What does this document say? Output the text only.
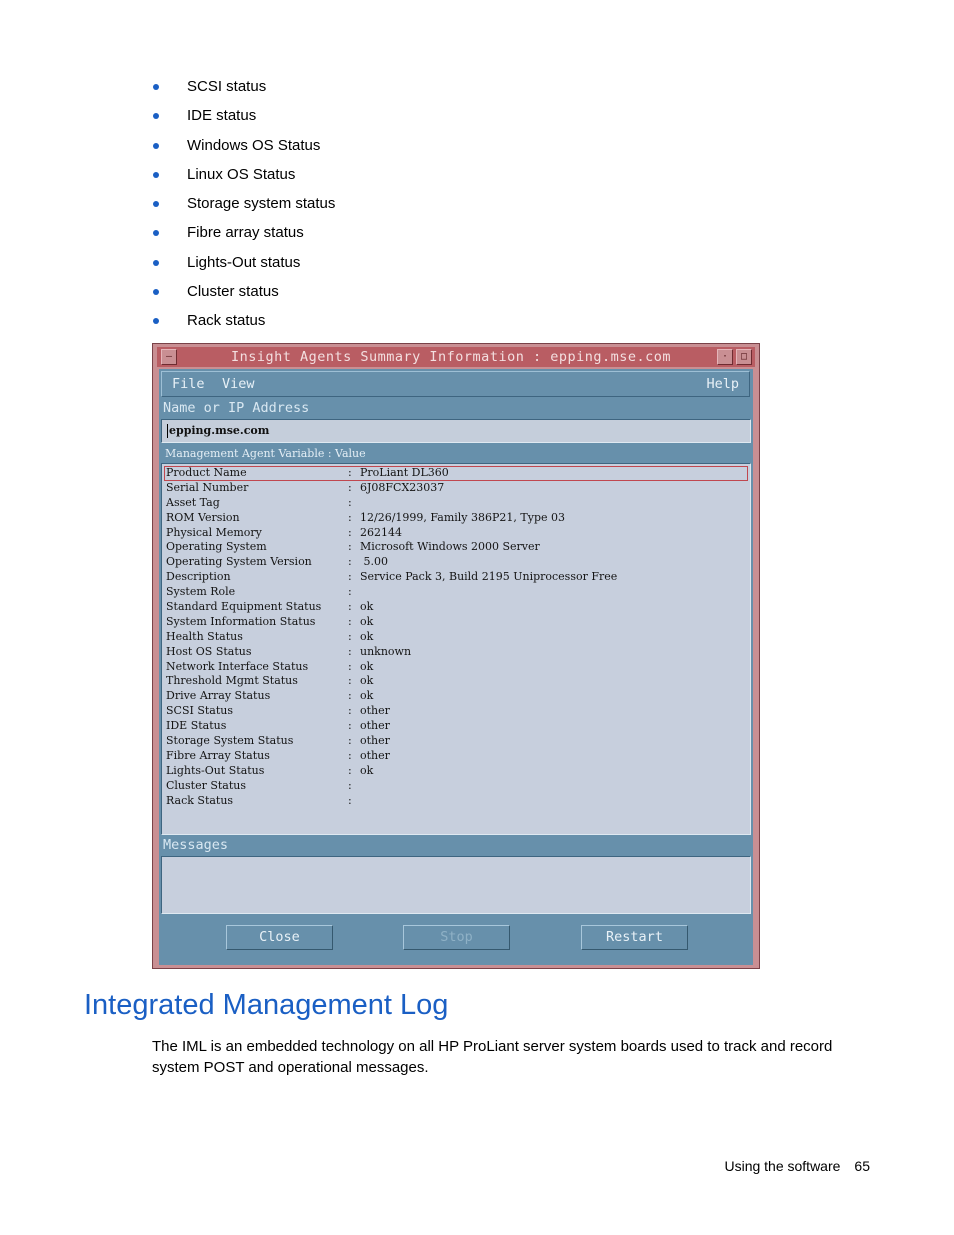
SCSI status
IDE status
Windows OS Status
Linux OS Status
Storage system status
Fibre array status
Lights-Out status
Cluster status
Rack status
–	Insight Agents Summary Information : epping.mse.com	·	□
File View	Help
Name or IP Address
epping.mse.com
Management Agent Variable : Value
Product Name	: ProLiant DL360
Serial Number	: 6J08FCX23037
Asset Tag	:
ROM Version	: 12/26/1999, Family 386P21, Type 03
Physical Memory	: 262144
Operating System	: Microsoft Windows 2000 Server
Operating System Version	: 5.00
Description	: Service Pack 3, Build 2195 Uniprocessor Free
System Role	:
Standard Equipment Status : ok
System Information Status	: ok
Health Status	: ok
Host OS Status	: unknown
Network Interface Status	: ok
Threshold Mgmt Status	: ok
Drive Array Status	: ok
SCSI Status	: other
IDE Status	: other
Storage System Status	: other
Fibre Array Status	: other
Lights-Out Status	: ok
Cluster Status	:
Rack Status	:
Messages
Close	Stop	Restart
Integrated Management Log
The IML is an embedded technology on all HP ProLiant server system boards used to track and record system POST and operational messages.
Using the software 65
